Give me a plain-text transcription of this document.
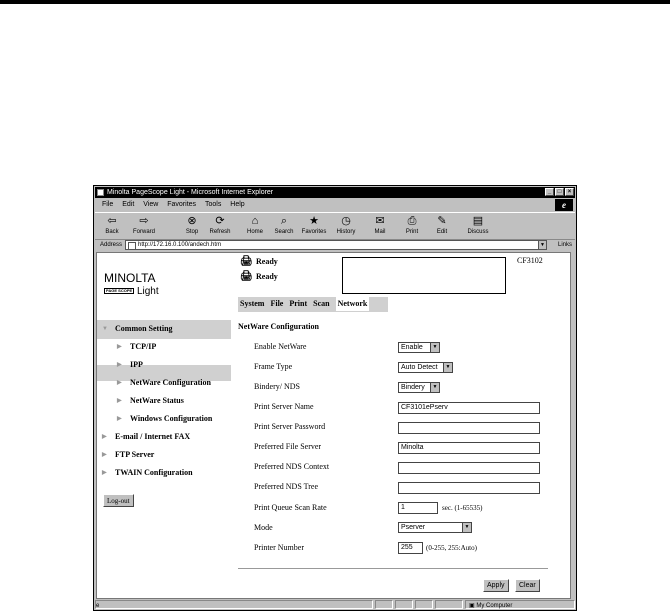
Minolta PageScope Light - Microsoft Internet Explorer	_	□	×
File Edit View Favorites Tools Help	e
⇦
Back
⇨
Forward
⊗
Stop
⟳
Refresh
⌂
Home
⌕
Search
★
Favorites
◷
History
✉
Mail
⎙
Print
✎
Edit
▤
Discuss
Address	http://172.16.0.100/andech.htm	▼	Links
MINOLTA
PAGE SCOPE Light
▼ Common Setting
▶ TCP/IP
▶ IPP
▶ NetWare Configuration
▶ NetWare Status
▶ Windows Configuration
▶ E-mail / Internet FAX
▶ FTP Server
▶ TWAIN Configuration
Log-out
🖨 Ready
🖨 Ready
CF3102
System File Print Scan Network
NetWare Configuration
Enable NetWare	Enable	▼
Frame Type	Auto Detect	▼
Bindery/ NDS	Bindery	▼
Print Server Name	CF3101ePserv
Print Server Password
Preferred File Server	Minolta
Preferred NDS Context
Preferred NDS Tree
Print Queue Scan Rate	1	sec. (1-65535)
Mode	Pserver	▼
Printer Number	255	(0-255, 255:Auto)
Apply	Clear
e	▣ My Computer
